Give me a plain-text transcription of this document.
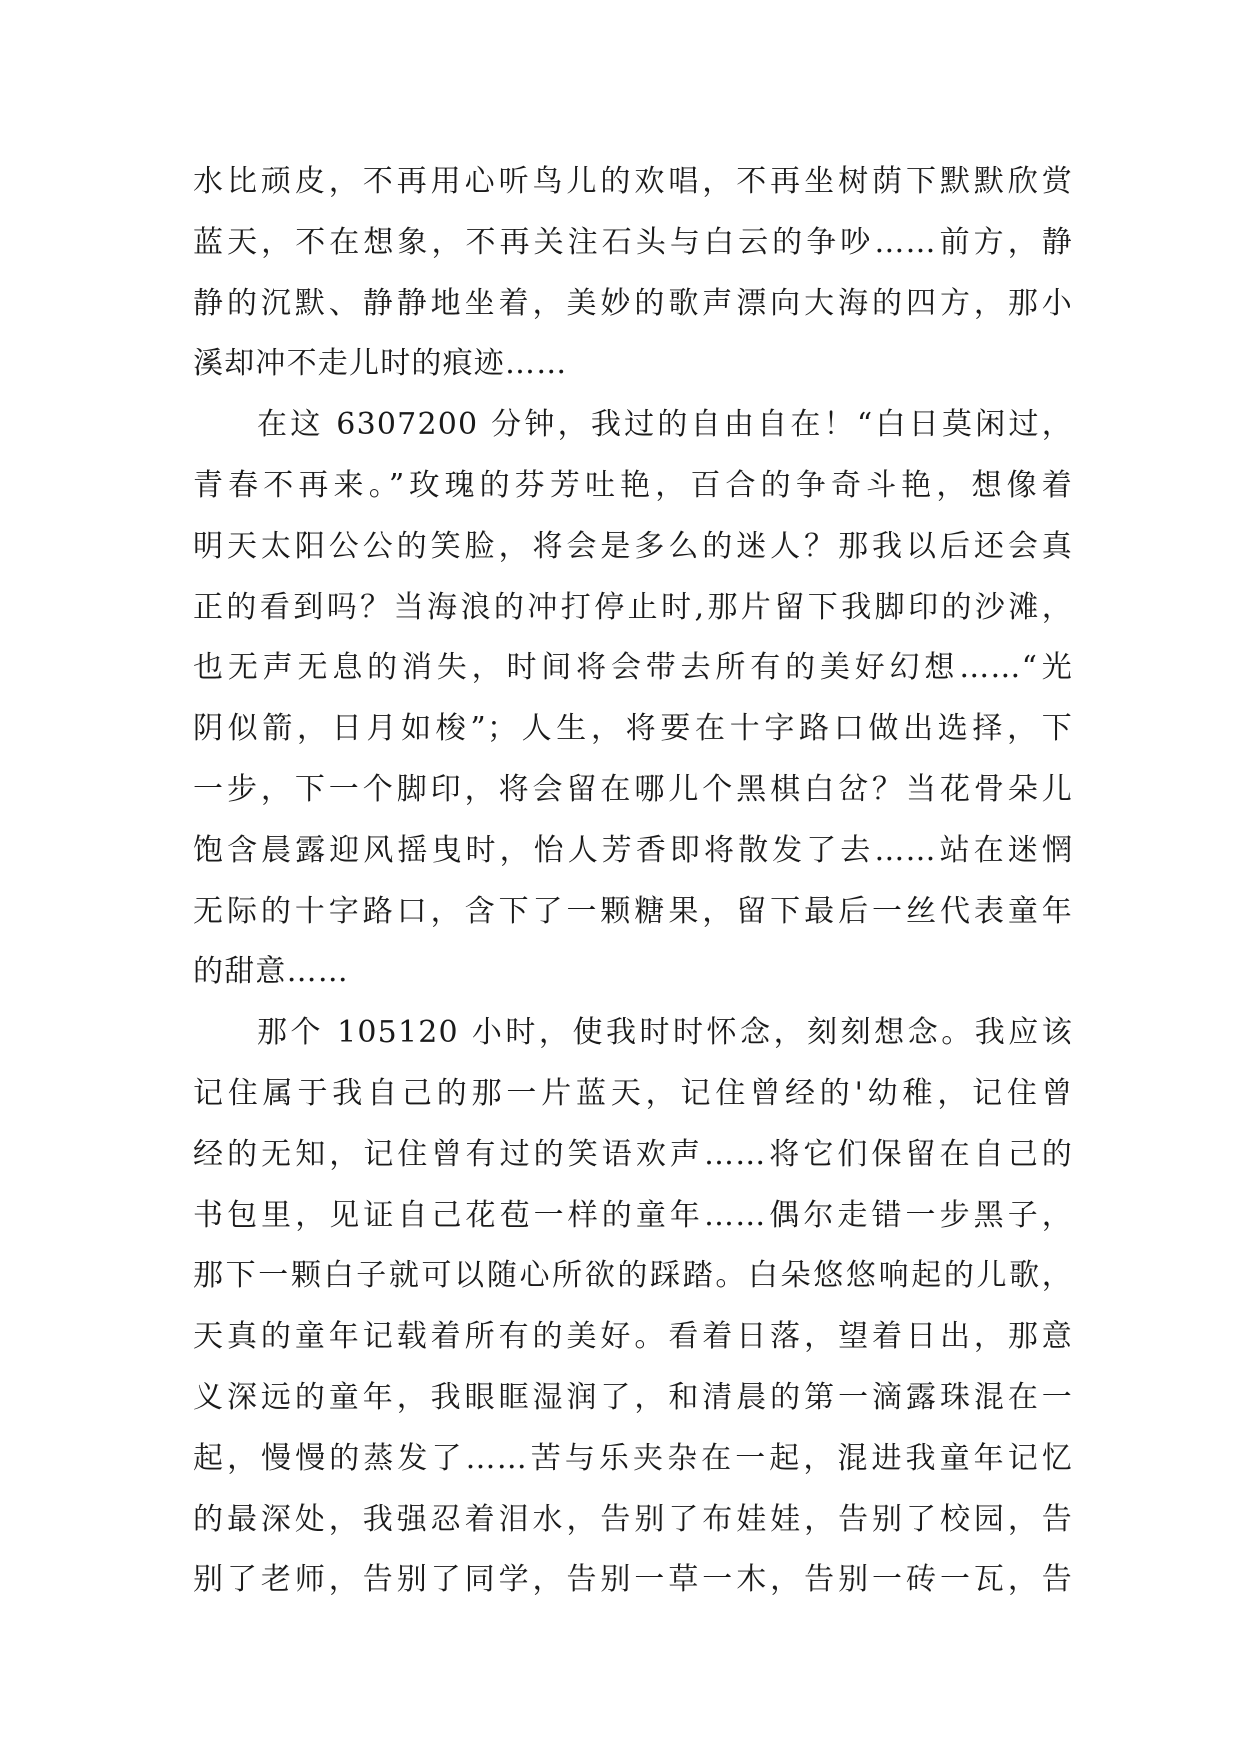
水比顽皮，不再用心听鸟儿的欢唱，不再坐树荫下默默欣赏
蓝天，不在想象，不再关注石头与白云的争吵……前方，静
静的沉默、静静地坐着，美妙的歌声漂向大海的四方，那小
溪却冲不走儿时的痕迹……
在这 6307200 分钟，我过的自由自在！“白日莫闲过，
青春不再来。”玫瑰的芬芳吐艳，百合的争奇斗艳，想像着
明天太阳公公的笑脸，将会是多么的迷人？那我以后还会真
正的看到吗？当海浪的冲打停止时,那片留下我脚印的沙滩，
也无声无息的消失，时间将会带去所有的美好幻想……“光
阴似箭，日月如梭”；人生，将要在十字路口做出选择，下
一步，下一个脚印，将会留在哪儿个黑棋白岔？当花骨朵儿
饱含晨露迎风摇曳时，怡人芳香即将散发了去……站在迷惘
无际的十字路口，含下了一颗糖果，留下最后一丝代表童年
的甜意……
那个 105120 小时，使我时时怀念，刻刻想念。我应该
记住属于我自己的那一片蓝天，记住曾经的'幼稚，记住曾
经的无知，记住曾有过的笑语欢声……将它们保留在自己的
书包里，见证自己花苞一样的童年……偶尔走错一步黑子，
那下一颗白子就可以随心所欲的踩踏。白朵悠悠响起的儿歌，
天真的童年记载着所有的美好。看着日落，望着日出，那意
义深远的童年，我眼眶湿润了，和清晨的第一滴露珠混在一
起，慢慢的蒸发了……苦与乐夹杂在一起，混进我童年记忆
的最深处，我强忍着泪水，告别了布娃娃，告别了校园，告
别了老师，告别了同学，告别一草一木，告别一砖一瓦，告
